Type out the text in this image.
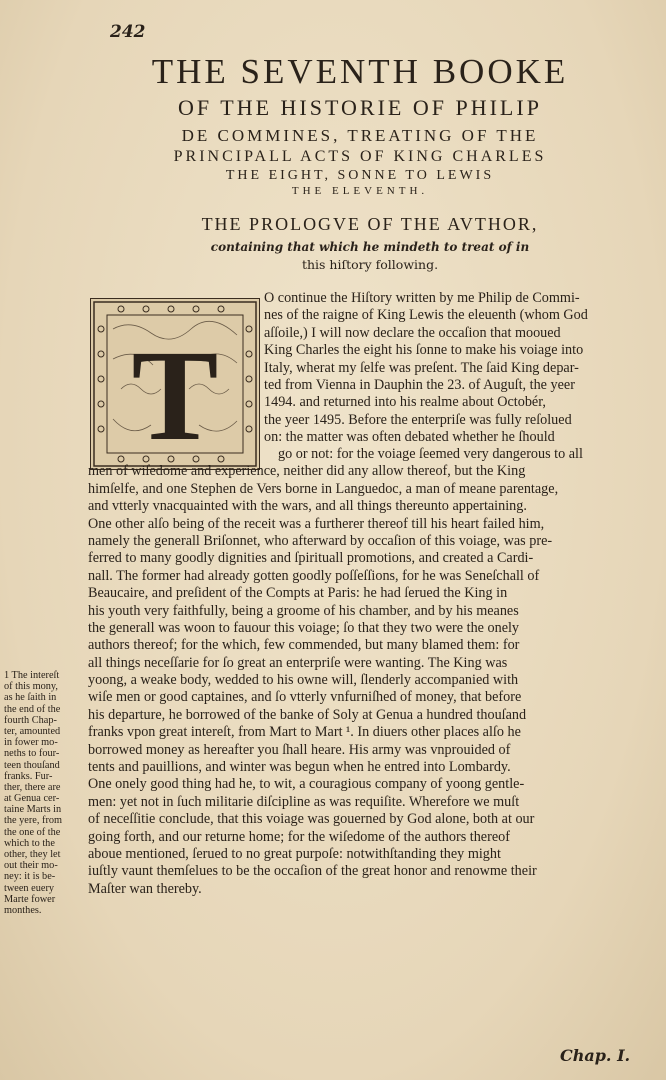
242
THE SEVENTH BOOKE
OF THE HISTORIE OF PHILIP
DE COMMINES, TREATING OF THE
PRINCIPALL ACTS OF KING CHARLES
THE EIGHT, SONNE TO LEWIS
THE ELEVENTH.
THE PROLOGVE OF THE AVTHOR,
containing that which he mindeth to treat of in
this hiſtory following.
T
O continue the Hiſtory written by me Philip de Commi-
nes of the raigne of King Lewis the eleuenth (whom God
aſſoile,) I will now declare the occaſion that mooued
King Charles the eight his ſonne to make his voiage into
Italy, wherat my ſelfe was preſent. The ſaid King depar-
ted from Vienna in Dauphin the 23. of Auguſt, the yeer
1494. and returned into his realme about Octobér,
the yeer 1495. Before the enterpriſe was fully reſolued
on: the matter was often debated whether he ſhould
go or not: for the voiage ſeemed very dangerous to all
men of wiſedome and experience, neither did any allow thereof, but the King
himſelfe, and one Stephen de Vers borne in Languedoc, a man of meane parentage,
and vtterly vnacquainted with the wars, and all things thereunto appertaining.
One other alſo being of the receit was a furtherer thereof till his heart failed him,
namely the generall Briſonnet, who afterward by occaſion of this voiage, was pre-
ferred to many goodly dignities and ſpirituall promotions, and created a Cardi-
nall. The former had already gotten goodly poſſeſſions, for he was Seneſchall of
Beaucaire, and preſident of the Compts at Paris: he had ſerued the King in
his youth very faithfully, being a groome of his chamber, and by his meanes
the generall was woon to fauour this voiage; ſo that they two were the onely
authors thereof; for the which, few commended, but many blamed them: for
all things neceſſarie for ſo great an enterpriſe were wanting. The King was
yoong, a weake body, wedded to his owne will, ſlenderly accompanied with
wiſe men or good captaines, and ſo vtterly vnfurniſhed of money, that before
his departure, he borrowed of the banke of Soly at Genua a hundred thouſand
franks vpon great intereſt, from Mart to Mart ¹. In diuers other places alſo he
borrowed money as hereafter you ſhall heare. His army was vnprouided of
tents and pauillions, and winter was begun when he entred into Lombardy.
One onely good thing had he, to wit, a couragious company of yoong gentle-
men: yet not in ſuch militarie diſcipline as was requiſite. Wherefore we muſt
of neceſſitie conclude, that this voiage was gouerned by God alone, both at our
going forth, and our returne home; for the wiſedome of the authors thereof
aboue mentioned, ſerued to no great purpoſe: notwithſtanding they might
iuſtly vaunt themſelues to be the occaſion of the great honor and renowme their
Maſter wan thereby.
1 The intereſt
of this mony,
as he ſaith in
the end of the
fourth Chap-
ter, amounted
in fower mo-
neths to four-
teen thouſand
franks. Fur-
ther, there are
at Genua cer-
taine Marts in
the yere, from
the one of the
which to the
other, they let
out their mo-
ney: it is be-
tween euery
Marte fower
monthes.
Chap. I.
